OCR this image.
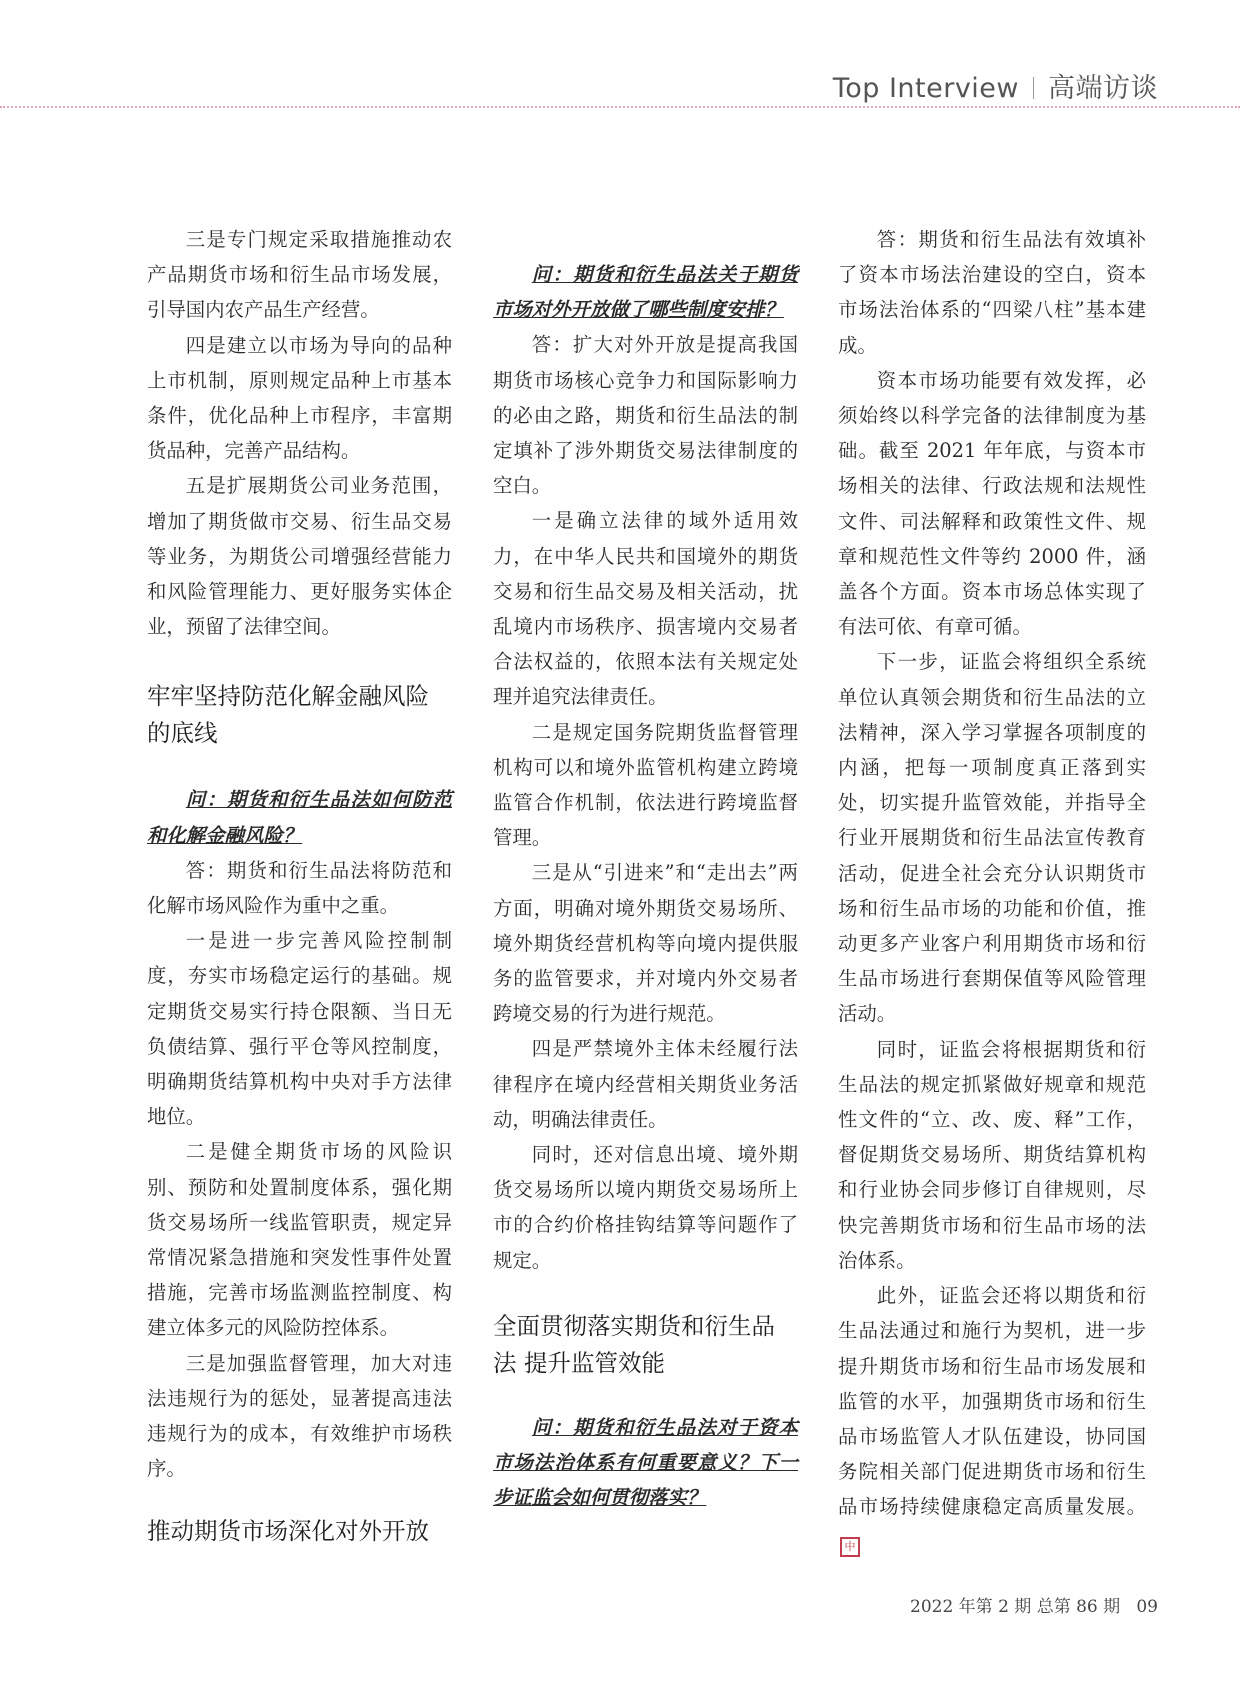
Top Interview 高端访谈

三是专门规定采取措施推动农产品期货市场和衍生品市场发展，引导国内农产品生产经营。

四是建立以市场为导向的品种上市机制，原则规定品种上市基本条件，优化品种上市程序，丰富期货品种，完善产品结构。

五是扩展期货公司业务范围，增加了期货做市交易、衍生品交易等业务，为期货公司增强经营能力和风险管理能力、更好服务实体企业，预留了法律空间。

牢牢坚持防范化解金融风险的底线

问：期货和衍生品法如何防范和化解金融风险？

答：期货和衍生品法将防范和化解市场风险作为重中之重。

一是进一步完善风险控制制度，夯实市场稳定运行的基础。规定期货交易实行持仓限额、当日无负债结算、强行平仓等风控制度，明确期货结算机构中央对手方法律地位。

二是健全期货市场的风险识别、预防和处置制度体系，强化期货交易场所一线监管职责，规定异常情况紧急措施和突发性事件处置措施，完善市场监测监控制度、构建立体多元的风险防控体系。

三是加强监督管理，加大对违法违规行为的惩处，显著提高违法违规行为的成本，有效维护市场秩序。

推动期货市场深化对外开放

问：期货和衍生品法关于期货市场对外开放做了哪些制度安排？

答：扩大对外开放是提高我国期货市场核心竞争力和国际影响力的必由之路，期货和衍生品法的制定填补了涉外期货交易法律制度的空白。

一是确立法律的域外适用效力，在中华人民共和国境外的期货交易和衍生品交易及相关活动，扰乱境内市场秩序、损害境内交易者合法权益的，依照本法有关规定处理并追究法律责任。

二是规定国务院期货监督管理机构可以和境外监管机构建立跨境监管合作机制，依法进行跨境监督管理。

三是从“引进来”和“走出去”两方面，明确对境外期货交易场所、境外期货经营机构等向境内提供服务的监管要求，并对境内外交易者跨境交易的行为进行规范。

四是严禁境外主体未经履行法律程序在境内经营相关期货业务活动，明确法律责任。

同时，还对信息出境、境外期货交易场所以境内期货交易场所上市的合约价格挂钩结算等问题作了规定。

全面贯彻落实期货和衍生品法 提升监管效能

问：期货和衍生品法对于资本市场法治体系有何重要意义？下一步证监会如何贯彻落实？

答：期货和衍生品法有效填补了资本市场法治建设的空白，资本市场法治体系的“四梁八柱”基本建成。

资本市场功能要有效发挥，必须始终以科学完备的法律制度为基础。截至 2021 年年底，与资本市场相关的法律、行政法规和法规性文件、司法解释和政策性文件、规章和规范性文件等约 2000 件，涵盖各个方面。资本市场总体实现了有法可依、有章可循。

下一步，证监会将组织全系统单位认真领会期货和衍生品法的立法精神，深入学习掌握各项制度的内涵，把每一项制度真正落到实处，切实提升监管效能，并指导全行业开展期货和衍生品法宣传教育活动，促进全社会充分认识期货市场和衍生品市场的功能和价值，推动更多产业客户利用期货市场和衍生品市场进行套期保值等风险管理活动。

同时，证监会将根据期货和衍生品法的规定抓紧做好规章和规范性文件的“立、改、废、释”工作，督促期货交易场所、期货结算机构和行业协会同步修订自律规则，尽快完善期货市场和衍生品市场的法治体系。

此外，证监会还将以期货和衍生品法通过和施行为契机，进一步提升期货市场和衍生品市场发展和监管的水平，加强期货市场和衍生品市场监管人才队伍建设，协同国务院相关部门促进期货市场和衍生品市场持续健康稳定高质量发展。中

2022 年第 2 期 总第 86 期 09
